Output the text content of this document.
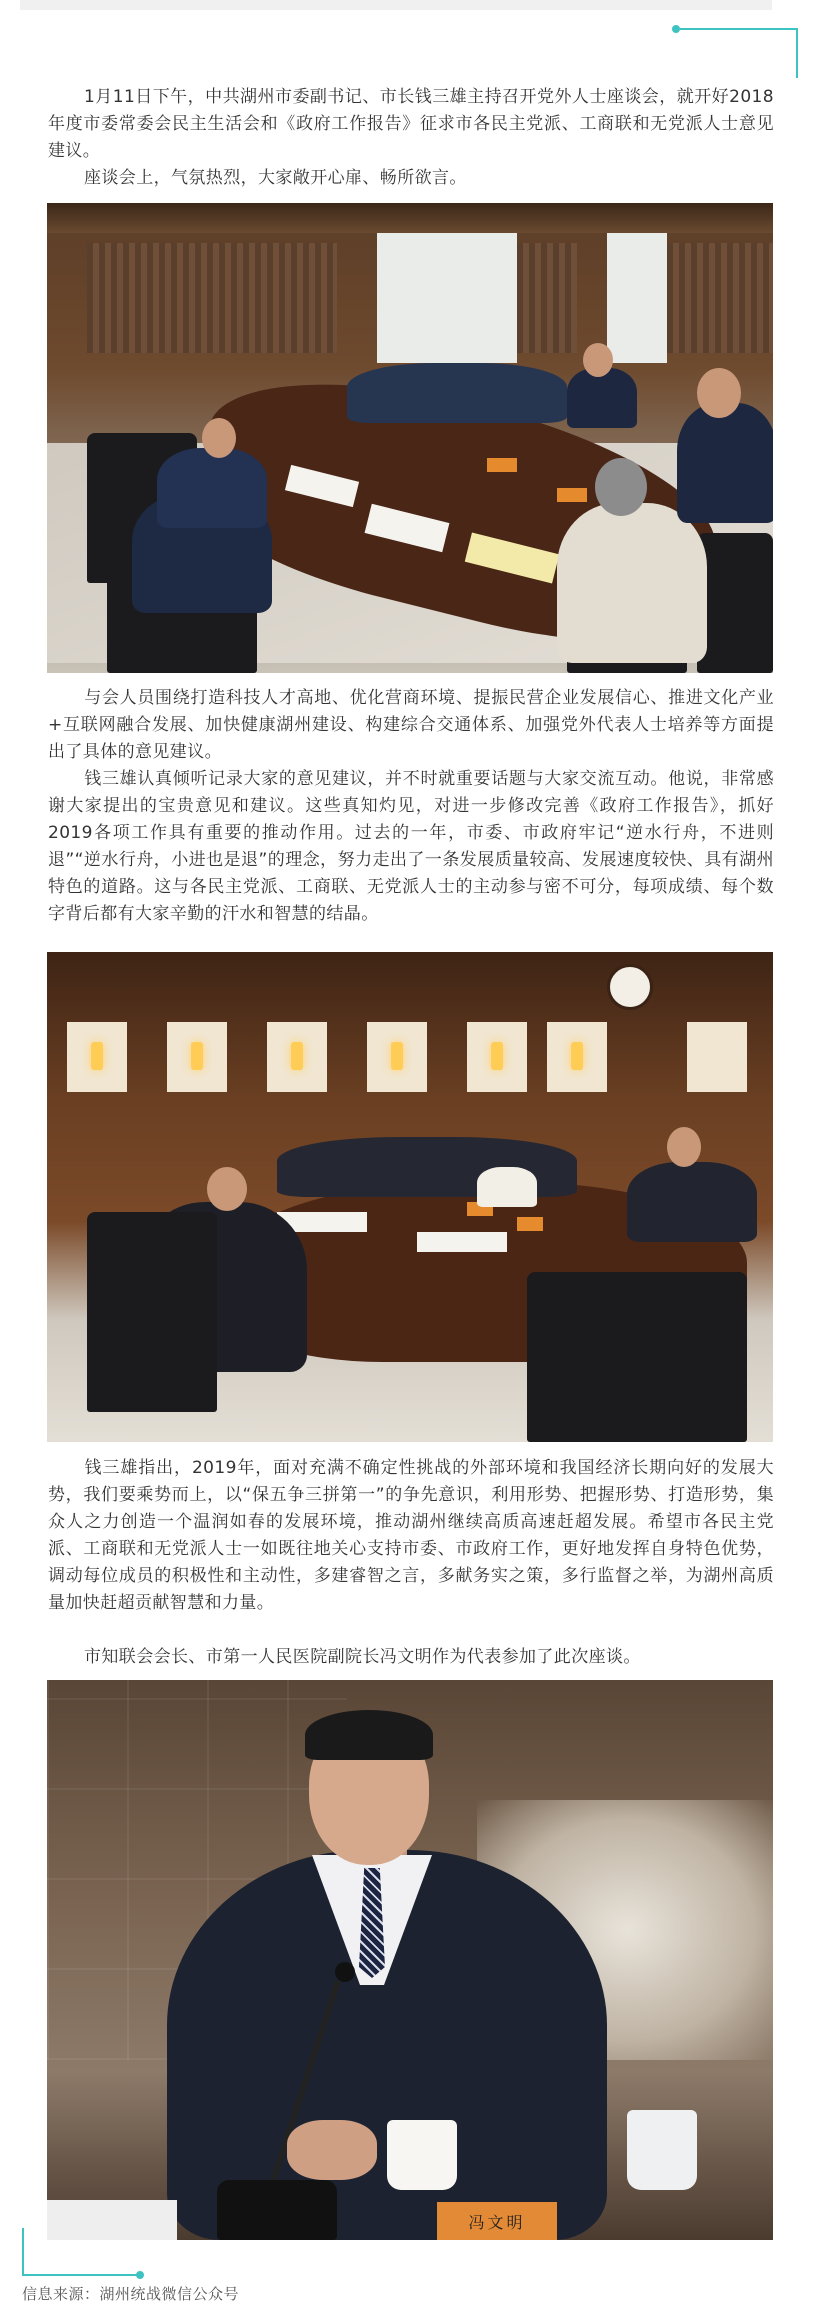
1月11日下午，中共湖州市委副书记、市长钱三雄主持召开党外人士座谈会，就开好2018年度市委常委会民主生活会和《政府工作报告》征求市各民主党派、工商联和无党派人士意见建议。

座谈会上，气氛热烈，大家敞开心扉、畅所欲言。

与会人员围绕打造科技人才高地、优化营商环境、提振民营企业发展信心、推进文化产业+互联网融合发展、加快健康湖州建设、构建综合交通体系、加强党外代表人士培养等方面提出了具体的意见建议。

钱三雄认真倾听记录大家的意见建议，并不时就重要话题与大家交流互动。他说，非常感谢大家提出的宝贵意见和建议。这些真知灼见，对进一步修改完善《政府工作报告》，抓好2019各项工作具有重要的推动作用。过去的一年，市委、市政府牢记“逆水行舟，不进则退”“逆水行舟，小进也是退”的理念，努力走出了一条发展质量较高、发展速度较快、具有湖州特色的道路。这与各民主党派、工商联、无党派人士的主动参与密不可分，每项成绩、每个数字背后都有大家辛勤的汗水和智慧的结晶。

钱三雄指出，2019年，面对充满不确定性挑战的外部环境和我国经济长期向好的发展大势，我们要乘势而上，以“保五争三拼第一”的争先意识，利用形势、把握形势、打造形势，集众人之力创造一个温润如春的发展环境，推动湖州继续高质高速赶超发展。希望市各民主党派、工商联和无党派人士一如既往地关心支持市委、市政府工作，更好地发挥自身特色优势，调动每位成员的积极性和主动性，多建睿智之言，多献务实之策，多行监督之举，为湖州高质量加快赶超贡献智慧和力量。

市知联会会长、市第一人民医院副院长冯文明作为代表参加了此次座谈。

冯文明
信息来源：湖州统战微信公众号
